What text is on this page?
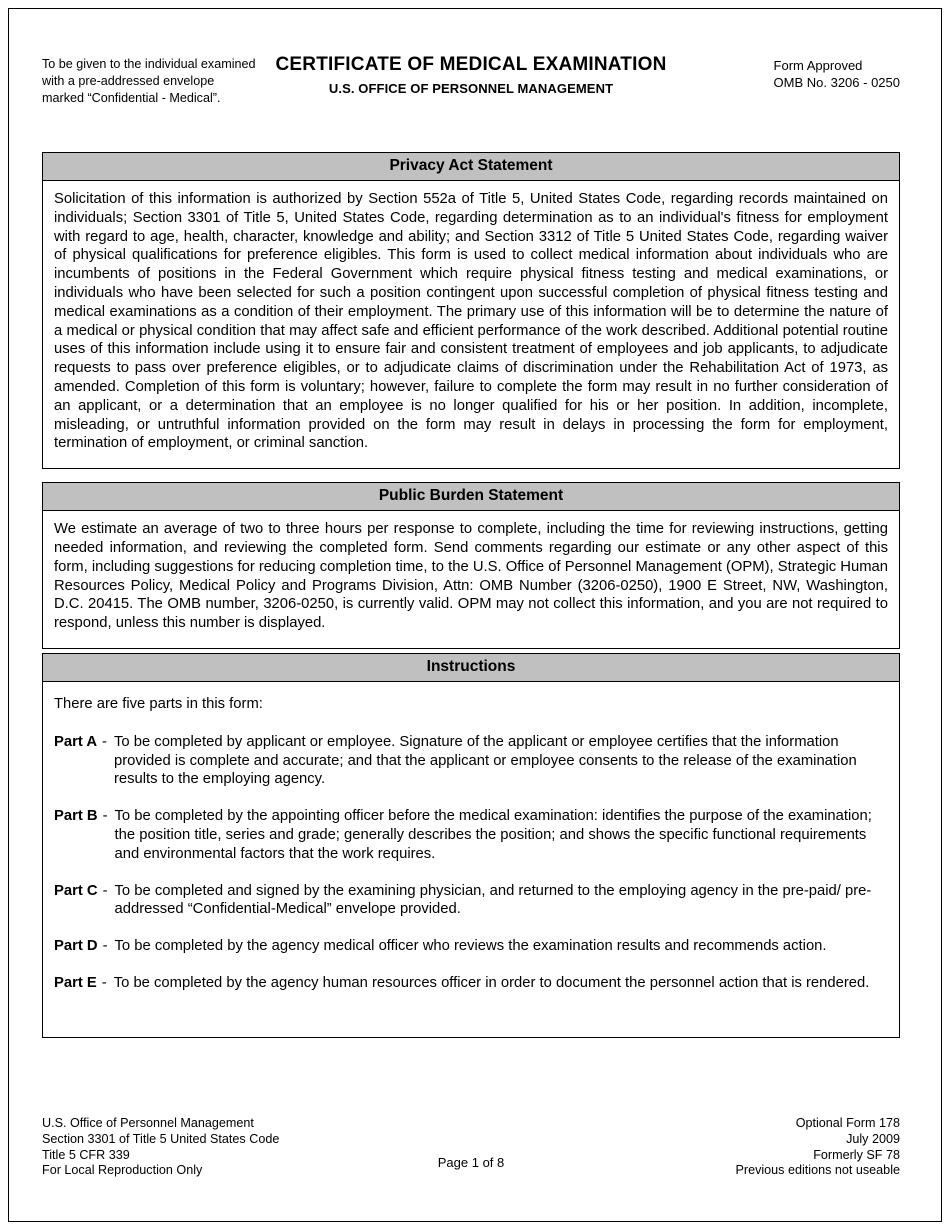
To be given to the individual examined with a pre-addressed envelope marked “Confidential - Medical”.
CERTIFICATE OF MEDICAL EXAMINATION
U.S. OFFICE OF PERSONNEL MANAGEMENT
Form Approved
OMB No. 3206 - 0250
Privacy Act Statement
Solicitation of this information is authorized by Section 552a of Title 5, United States Code, regarding records maintained on individuals; Section 3301 of Title 5, United States Code, regarding determination as to an individual's fitness for employment with regard to age, health, character, knowledge and ability; and Section 3312 of Title 5 United States Code, regarding waiver of physical qualifications for preference eligibles. This form is used to collect medical information about individuals who are incumbents of positions in the Federal Government which require physical fitness testing and medical examinations, or individuals who have been selected for such a position contingent upon successful completion of physical fitness testing and medical examinations as a condition of their employment. The primary use of this information will be to determine the nature of a medical or physical condition that may affect safe and efficient performance of the work described. Additional potential routine uses of this information include using it to ensure fair and consistent treatment of employees and job applicants, to adjudicate requests to pass over preference eligibles, or to adjudicate claims of discrimination under the Rehabilitation Act of 1973, as amended. Completion of this form is voluntary; however, failure to complete the form may result in no further consideration of an applicant, or a determination that an employee is no longer qualified for his or her position. In addition, incomplete, misleading, or untruthful information provided on the form may result in delays in processing the form for employment, termination of employment, or criminal sanction.
Public Burden Statement
We estimate an average of two to three hours per response to complete, including the time for reviewing instructions, getting needed information, and reviewing the completed form. Send comments regarding our estimate or any other aspect of this form, including suggestions for reducing completion time, to the U.S. Office of Personnel Management (OPM), Strategic Human Resources Policy, Medical Policy and Programs Division, Attn: OMB Number (3206-0250), 1900 E Street, NW, Washington, D.C. 20415. The OMB number, 3206-0250, is currently valid. OPM may not collect this information, and you are not required to respond, unless this number is displayed.
Instructions
There are five parts in this form:
Part A - To be completed by applicant or employee. Signature of the applicant or employee certifies that the information provided is complete and accurate; and that the applicant or employee consents to the release of the examination results to the employing agency.
Part B - To be completed by the appointing officer before the medical examination: identifies the purpose of the examination; the position title, series and grade; generally describes the position; and shows the specific functional requirements and environmental factors that the work requires.
Part C - To be completed and signed by the examining physician, and returned to the employing agency in the pre-paid/ pre-addressed “Confidential-Medical” envelope provided.
Part D - To be completed by the agency medical officer who reviews the examination results and recommends action.
Part E - To be completed by the agency human resources officer in order to document the personnel action that is rendered.
U.S. Office of Personnel Management
Section 3301 of Title 5 United States Code
Title 5 CFR 339
For Local Reproduction Only
Page 1 of 8
Optional Form 178
July 2009
Formerly SF 78
Previous editions not useable
